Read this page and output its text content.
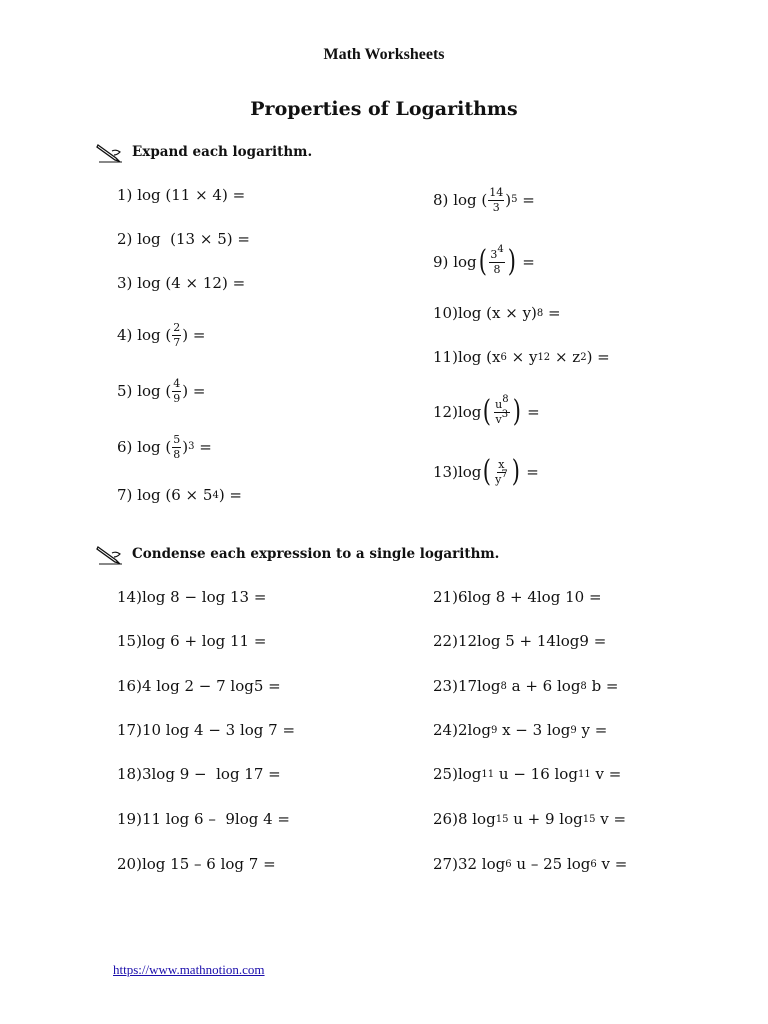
Math Worksheets
Properties of Logarithms
Expand each logarithm.
1)
log (11 × 4) =
2)
log  (13 × 5) =
3)
log (4 × 12) =
4)
log ( $\frac{2}{7}$ ) =
5)
log ( $\frac{4}{9}$ ) =
6)
log ( $\frac{5}{8}$ ) 3 =
7)
log (6 × 5 4 ) =
8)
log ( $\frac{14}{3}$ ) 5 =
9)
log ( $\frac{3^4}{8}$ ) =
10) log (x × y) 8 =
11) log (x 6 × y 12 × z 2 ) =
12) log ( $\frac{u^8}{v^3}$ ) =
13) log ( $\frac{x}{y^7}$ ) =
Condense each expression to a single logarithm.
14) log 8 − log 13 =
15) log 6 + log 11 =
16) 4 log 2 − 7 log5 =
17) 10 log 4 − 3 log 7 =
18) 3log 9 −  log 17 =
19) 11 log 6 –  9log 4 =
20) log 15 – 6 log 7 =
21) 6log 8 + 4log 10 =
22) 12log 5 + 14log9 =
23) 17log 8 a + 6 log 8 b =
24) 2log 9 x − 3 log 9 y =
25) log 11 u − 16 log 11 v =
26) 8 log 15 u + 9 log 15 v =
27) 32 log 6 u – 25 log 6 v =
https://www.mathnotion.com
